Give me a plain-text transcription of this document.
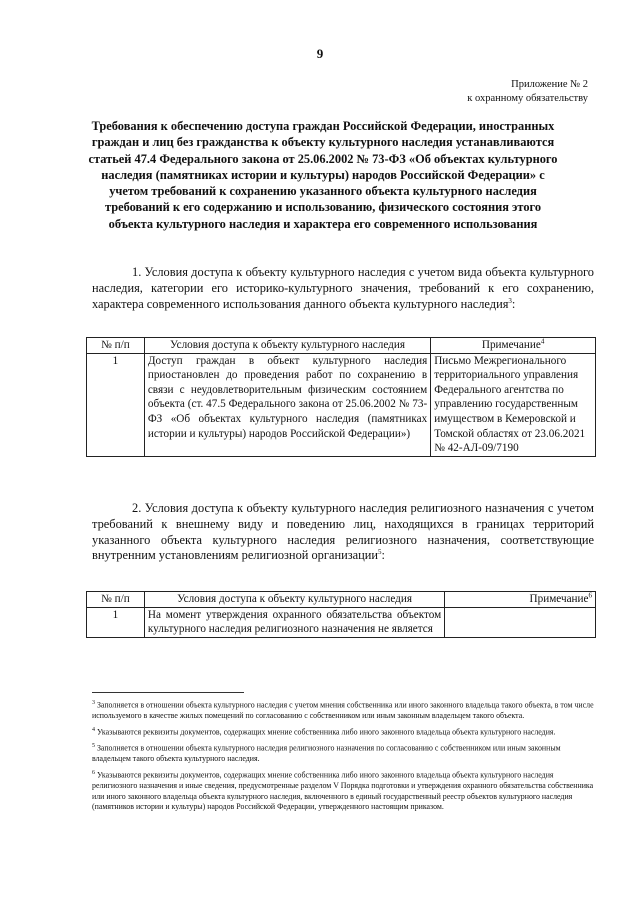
9
Приложение № 2
к охранному обязательству
Требования к обеспечению доступа граждан Российской Федерации, иностранных граждан и лиц без гражданства к объекту культурного наследия устанавливаются статьей 47.4 Федерального закона от 25.06.2002 № 73-ФЗ «Об объектах культурного наследия (памятниках истории и культуры) народов Российской Федерации» с учетом требований к сохранению указанного объекта культурного наследия требований к его содержанию и использованию, физического состояния этого объекта культурного наследия и характера его современного использования
1. Условия доступа к объекту культурного наследия с учетом вида объекта культурного наследия, категории его историко-культурного значения, требований к его сохранению, характера современного использования данного объекта культурного наследия$^3$:
№ п/п	Условия доступа к объекту культурного наследия	Примечание$^4$
1	Доступ граждан в объект культурного наследия приостановлен до проведения работ по сохранению в связи с неудовлетворительным физическим состоянием объекта (ст. 47.5 Федерального закона от 25.06.2002 № 73-ФЗ «Об объектах культурного наследия (памятниках истории и культуры) народов Российской Федерации»)	Письмо Межрегионального территориального управления Федерального агентства по управлению государственным имуществом в Кемеровской и Томской областях от 23.06.2021 № 42-АЛ-09/7190
2. Условия доступа к объекту культурного наследия религиозного назначения с учетом требований к внешнему виду и поведению лиц, находящихся в границах территорий указанного объекта культурного наследия религиозного назначения, соответствующие внутренним установлениям религиозной организации$^5$:
№ п/п	Условия доступа к объекту культурного наследия	Примечание$^6$
1	На момент утверждения охранного обязательства объектом культурного наследия религиозного назначения не является	
$^3$ Заполняется в отношении объекта культурного наследия с учетом мнения собственника или иного законного владельца такого объекта, в том числе используемого в качестве жилых помещений по согласованию с собственником или иным законным владельцем такого объекта.
$^4$ Указываются реквизиты документов, содержащих мнение собственника либо иного законного владельца объекта культурного наследия.
$^5$ Заполняется в отношении объекта культурного наследия религиозного назначения по согласованию с собственником или иным законным владельцем такого объекта культурного наследия.
$^6$ Указываются реквизиты документов, содержащих мнение собственника либо иного законного владельца объекта культурного наследия религиозного назначения и иные сведения, предусмотренные разделом V Порядка подготовки и утверждения охранного обязательства собственника или иного законного владельца объекта культурного наследия, включенного в единый государственный реестр объектов культурного наследия (памятников истории и культуры) народов Российской Федерации, утвержденного настоящим приказом.
